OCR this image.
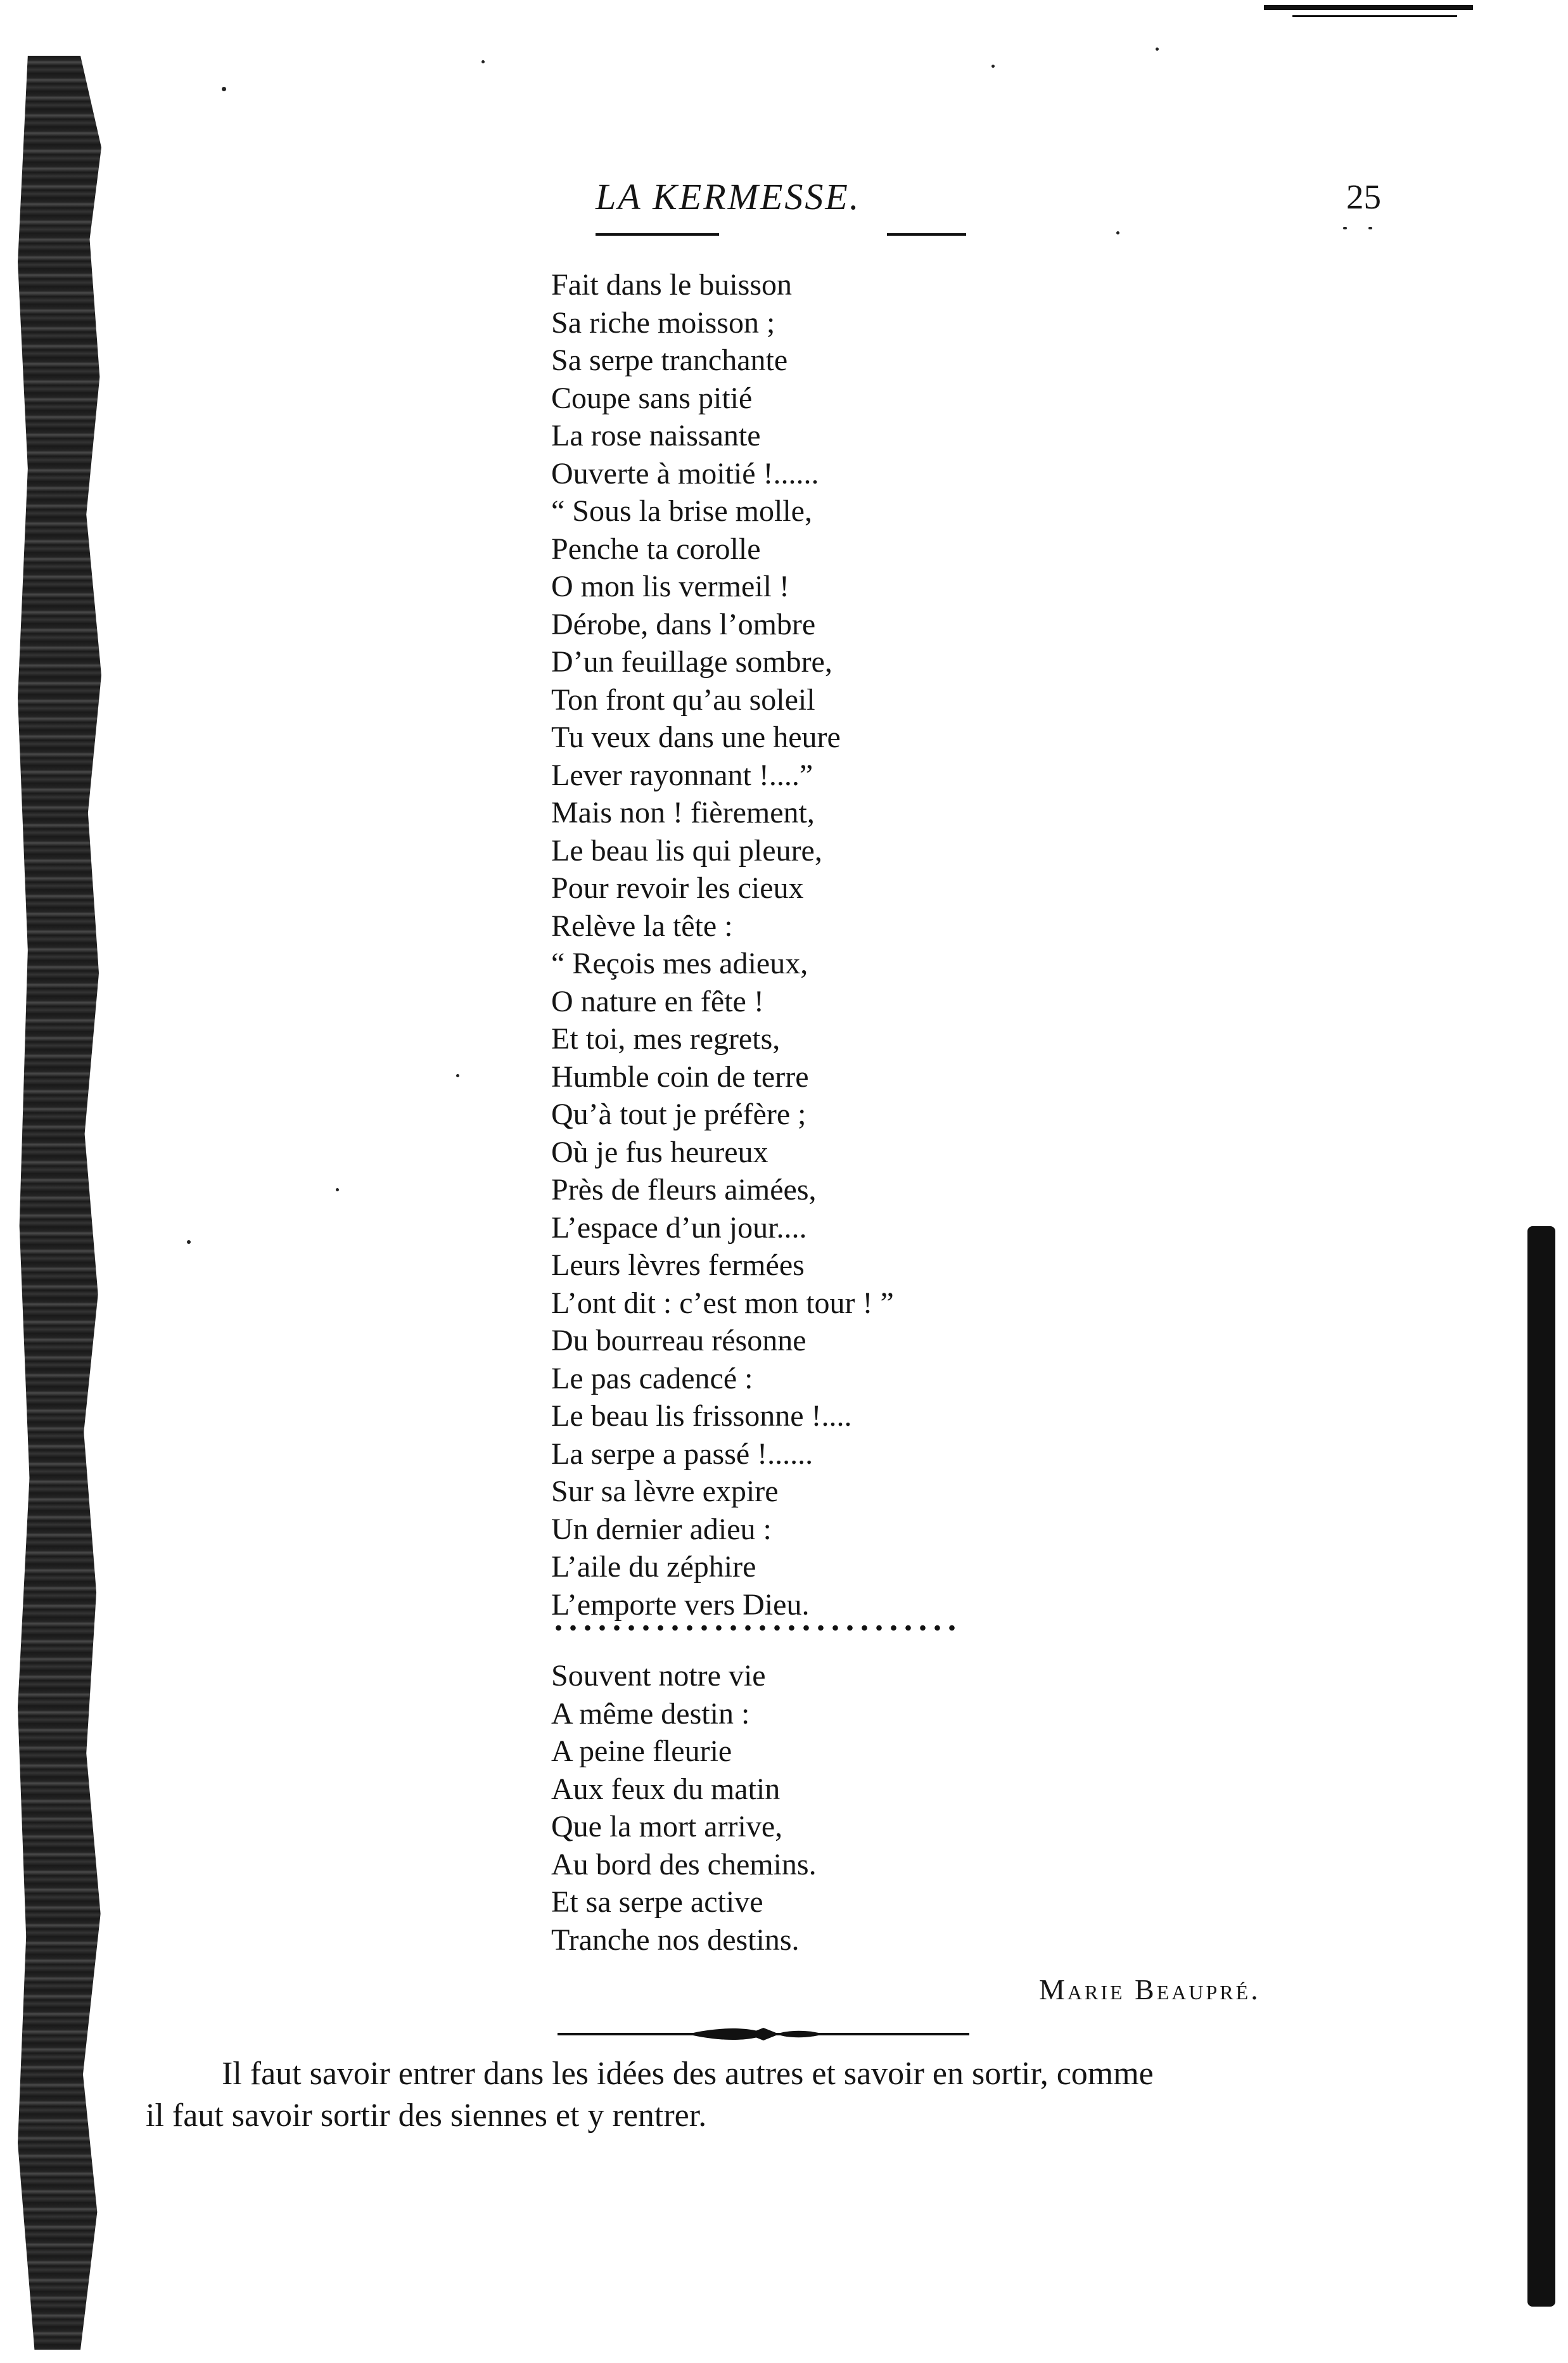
LA KERMESSE.	25
Fait dans le buisson
Sa riche moisson ;
Sa serpe tranchante
Coupe sans pitié
La rose naissante
Ouverte à moitié !......
“ Sous la brise molle,
Penche ta corolle
O mon lis vermeil !
Dérobe, dans l’ombre
D’un feuillage sombre,
Ton front qu’au soleil
Tu veux dans une heure
Lever rayonnant !....”
Mais non ! fièrement,
Le beau lis qui pleure,
Pour revoir les cieux
Relève la tête :
“ Reçois mes adieux,
O nature en fête !
Et toi, mes regrets,
Humble coin de terre
Qu’à tout je préfère ;
Où je fus heureux
Près de fleurs aimées,
L’espace d’un jour....
Leurs lèvres fermées
L’ont dit : c’est mon tour ! ”
Du bourreau résonne
Le pas cadencé :
Le beau lis frissonne !....
La serpe a passé !......
Sur sa lèvre expire
Un dernier adieu :
L’aile du zéphire
L’emporte vers Dieu.
Souvent notre vie
A même destin :
A peine fleurie
Aux feux du matin
Que la mort arrive,
Au bord des chemins.
Et sa serpe active
Tranche nos destins.
Marie Beaupré.
Il faut savoir entrer dans les idées des autres et savoir en sortir, comme
il faut savoir sortir des siennes et y rentrer.
